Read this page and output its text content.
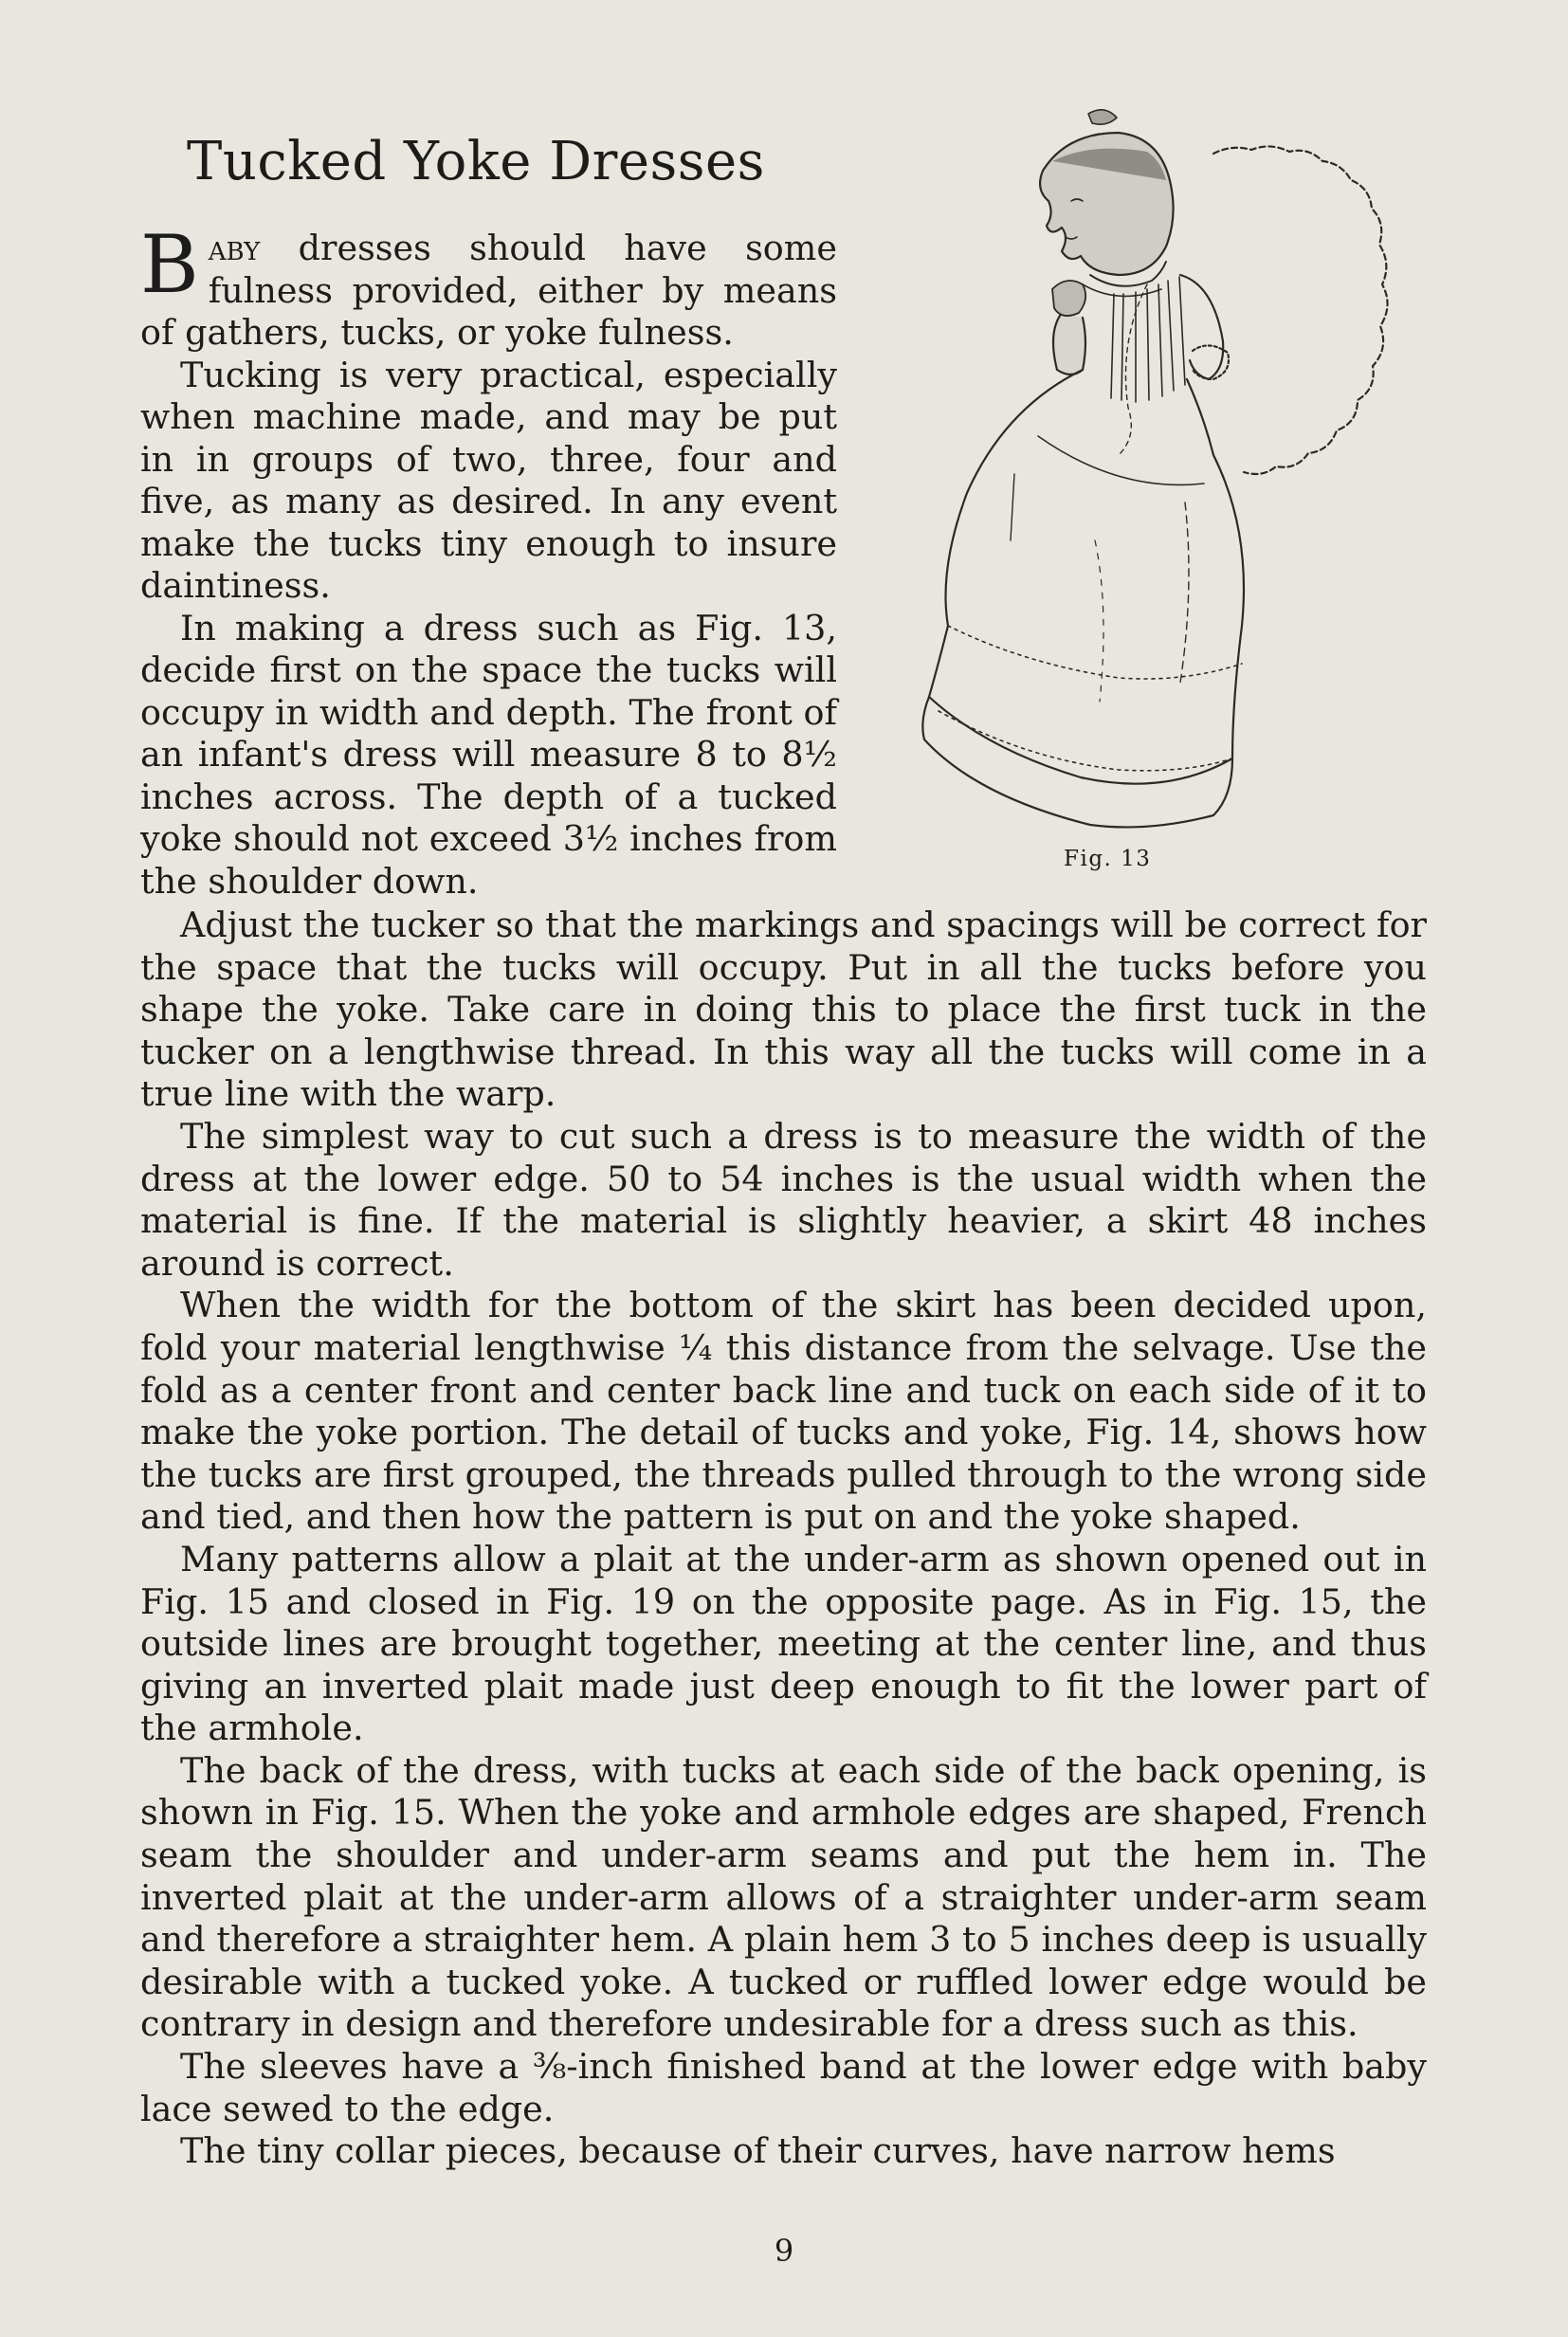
Tucked Yoke Dresses

Baby dresses should have some fulness provided, either by means of gathers, tucks, or yoke fulness.

Tucking is very practical, especially when machine made, and may be put in in groups of two, three, four and five, as many as desired. In any event make the tucks tiny enough to insure daintiness.

In making a dress such as Fig. 13, decide first on the space the tucks will occupy in width and depth. The front of an infant's dress will measure 8 to 8½ inches across. The depth of a tucked yoke should not exceed 3½ inches from the shoulder down.

Fig. 13

Adjust the tucker so that the markings and spacings will be correct for the space that the tucks will occupy. Put in all the tucks before you shape the yoke. Take care in doing this to place the first tuck in the tucker on a lengthwise thread. In this way all the tucks will come in a true line with the warp.

The simplest way to cut such a dress is to measure the width of the dress at the lower edge. 50 to 54 inches is the usual width when the material is fine. If the material is slightly heavier, a skirt 48 inches around is correct.

When the width for the bottom of the skirt has been decided upon, fold your material lengthwise ¼ this distance from the selvage. Use the fold as a center front and center back line and tuck on each side of it to make the yoke portion. The detail of tucks and yoke, Fig. 14, shows how the tucks are first grouped, the threads pulled through to the wrong side and tied, and then how the pattern is put on and the yoke shaped.

Many patterns allow a plait at the under-arm as shown opened out in Fig. 15 and closed in Fig. 19 on the opposite page. As in Fig. 15, the outside lines are brought together, meeting at the center line, and thus giving an inverted plait made just deep enough to fit the lower part of the armhole.

The back of the dress, with tucks at each side of the back opening, is shown in Fig. 15. When the yoke and armhole edges are shaped, French seam the shoulder and under-arm seams and put the hem in. The inverted plait at the under-arm allows of a straighter under-arm seam and therefore a straighter hem. A plain hem 3 to 5 inches deep is usually desirable with a tucked yoke. A tucked or ruffled lower edge would be contrary in design and therefore undesirable for a dress such as this.

The sleeves have a ⅜-inch finished band at the lower edge with baby lace sewed to the edge.

The tiny collar pieces, because of their curves, have narrow hems

9
